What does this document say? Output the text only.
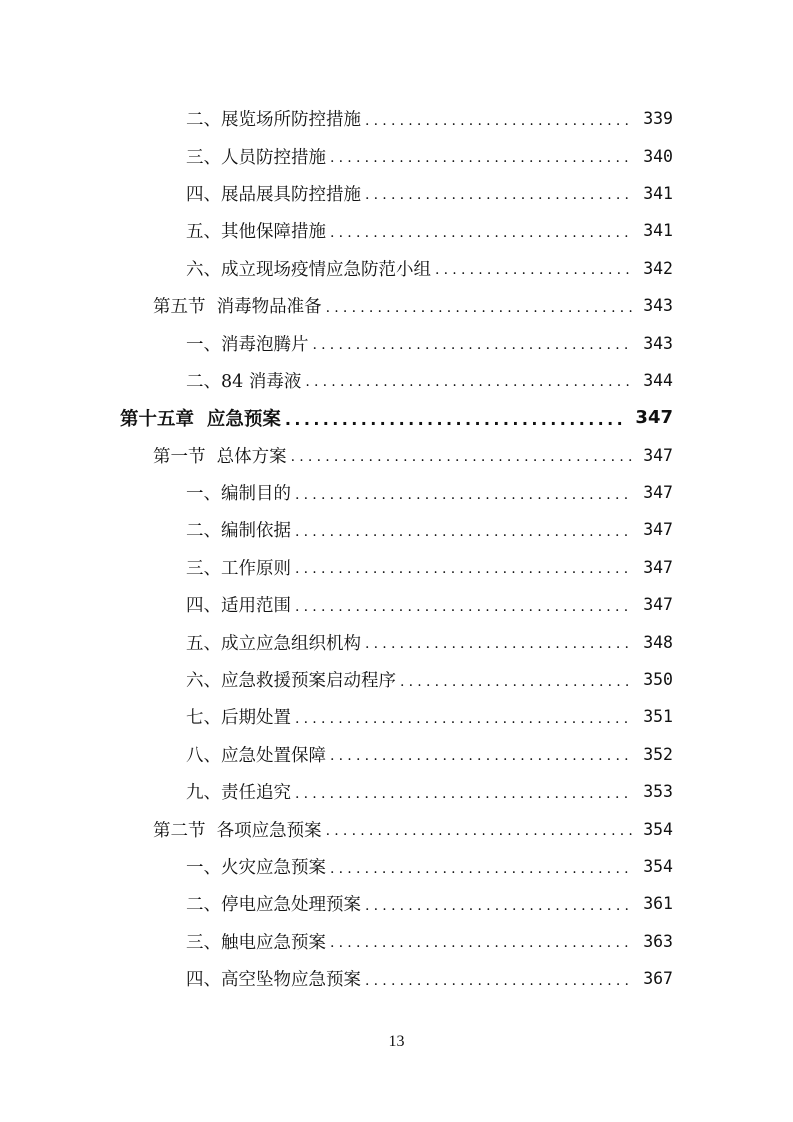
二、展览场所防控措施 .....	339
三、人员防控措施 .....	340
四、展品展具防控措施 .....	341
五、其他保障措施 .....	341
六、成立现场疫情应急防范小组 .....	342
第五节  消毒物品准备 .....	343
一、消毒泡腾片 .....	343
二、84 消毒液 .....	344
第十五章  应急预案 .....	347
第一节  总体方案 .....	347
一、编制目的 .....	347
二、编制依据 .....	347
三、工作原则 .....	347
四、适用范围 .....	347
五、成立应急组织机构 .....	348
六、应急救援预案启动程序 .....	350
七、后期处置 .....	351
八、应急处置保障 .....	352
九、责任追究 .....	353
第二节  各项应急预案 .....	354
一、火灾应急预案 .....	354
二、停电应急处理预案 .....	361
三、触电应急预案 .....	363
四、高空坠物应急预案 .....	367
13
